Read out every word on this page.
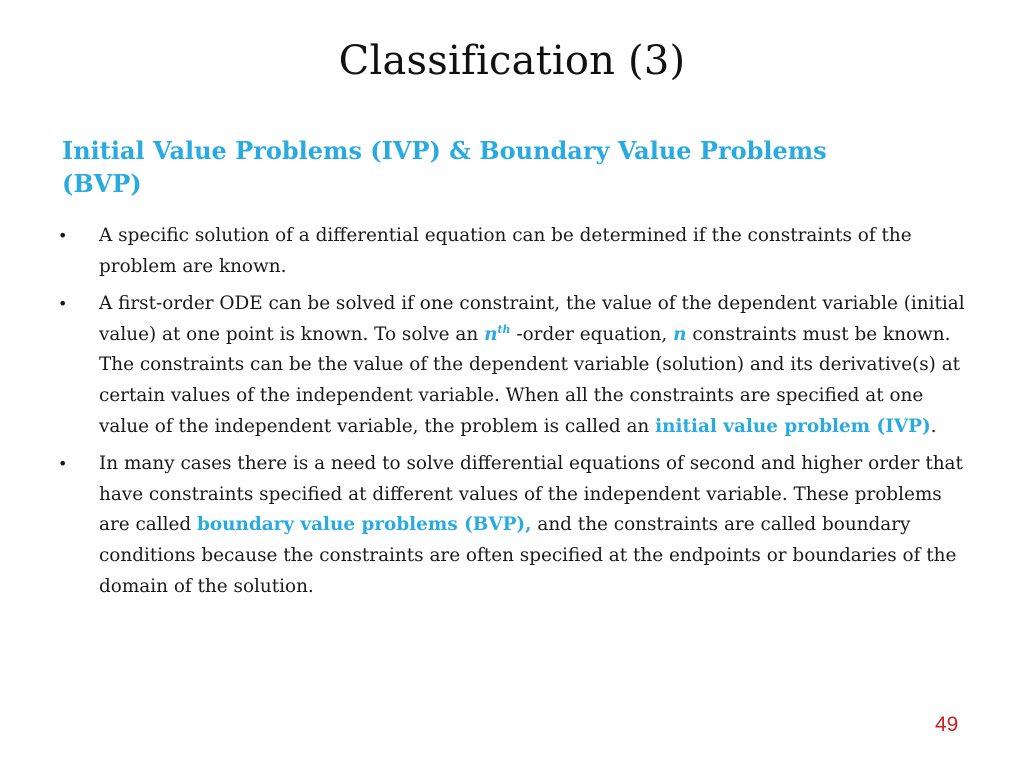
Classification (3)
Initial Value Problems (IVP) & Boundary Value Problems
(BVP)
• A specific solution of a differential equation can be determined if the constraints of the problem are known.
• A first-order ODE can be solved if one constraint, the value of the dependent variable (initial value) at one point is known. To solve an $n^{th}$ -order equation, n constraints must be known. The constraints can be the value of the dependent variable (solution) and its derivative(s) at certain values of the independent variable. When all the constraints are specified at one value of the independent variable, the problem is called an initial value problem (IVP).
• In many cases there is a need to solve differential equations of second and higher order that have constraints specified at different values of the independent variable. These problems are called boundary value problems (BVP), and the constraints are called boundary conditions because the constraints are often specified at the endpoints or boundaries of the domain of the solution.
49
